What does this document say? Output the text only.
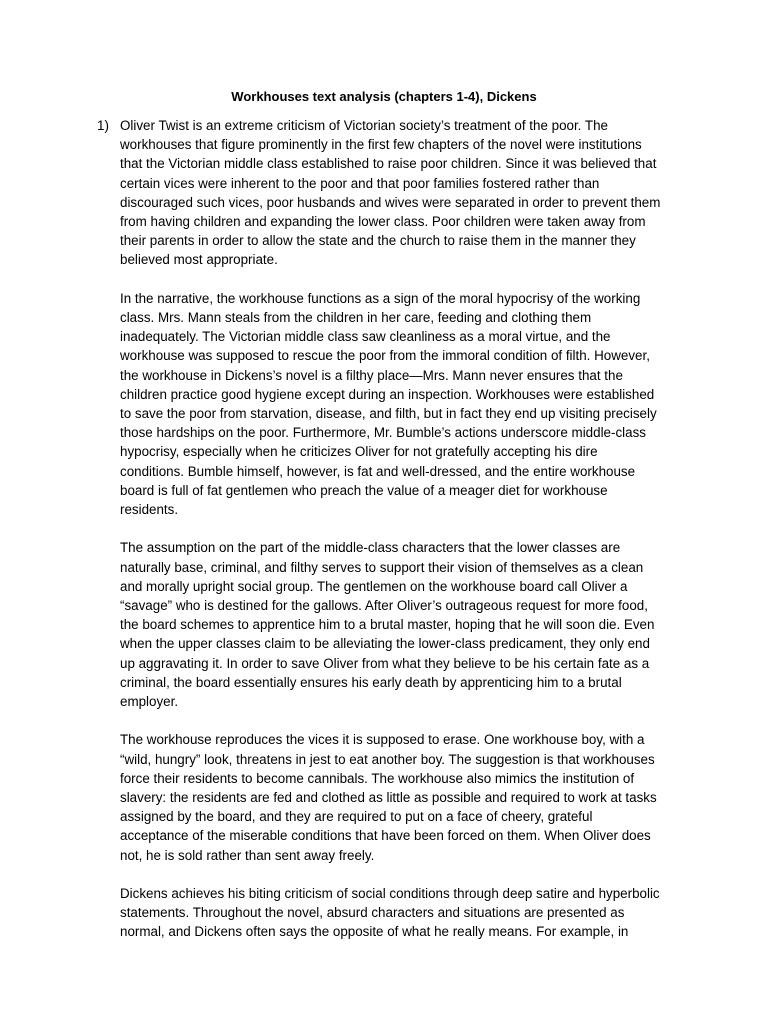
Workhouses text analysis (chapters 1-4), Dickens
1) Oliver Twist is an extreme criticism of Victorian society’s treatment of the poor. The
workhouses that figure prominently in the first few chapters of the novel were institutions
that the Victorian middle class established to raise poor children. Since it was believed that
certain vices were inherent to the poor and that poor families fostered rather than
discouraged such vices, poor husbands and wives were separated in order to prevent them
from having children and expanding the lower class. Poor children were taken away from
their parents in order to allow the state and the church to raise them in the manner they
believed most appropriate.

In the narrative, the workhouse functions as a sign of the moral hypocrisy of the working
class. Mrs. Mann steals from the children in her care, feeding and clothing them
inadequately. The Victorian middle class saw cleanliness as a moral virtue, and the
workhouse was supposed to rescue the poor from the immoral condition of filth. However,
the workhouse in Dickens’s novel is a filthy place—Mrs. Mann never ensures that the
children practice good hygiene except during an inspection. Workhouses were established
to save the poor from starvation, disease, and filth, but in fact they end up visiting precisely
those hardships on the poor. Furthermore, Mr. Bumble’s actions underscore middle-class
hypocrisy, especially when he criticizes Oliver for not gratefully accepting his dire
conditions. Bumble himself, however, is fat and well-dressed, and the entire workhouse
board is full of fat gentlemen who preach the value of a meager diet for workhouse
residents.

The assumption on the part of the middle-class characters that the lower classes are
naturally base, criminal, and filthy serves to support their vision of themselves as a clean
and morally upright social group. The gentlemen on the workhouse board call Oliver a
“savage” who is destined for the gallows. After Oliver’s outrageous request for more food,
the board schemes to apprentice him to a brutal master, hoping that he will soon die. Even
when the upper classes claim to be alleviating the lower-class predicament, they only end
up aggravating it. In order to save Oliver from what they believe to be his certain fate as a
criminal, the board essentially ensures his early death by apprenticing him to a brutal
employer.

The workhouse reproduces the vices it is supposed to erase. One workhouse boy, with a
“wild, hungry” look, threatens in jest to eat another boy. The suggestion is that workhouses
force their residents to become cannibals. The workhouse also mimics the institution of
slavery: the residents are fed and clothed as little as possible and required to work at tasks
assigned by the board, and they are required to put on a face of cheery, grateful
acceptance of the miserable conditions that have been forced on them. When Oliver does
not, he is sold rather than sent away freely.

Dickens achieves his biting criticism of social conditions through deep satire and hyperbolic
statements. Throughout the novel, absurd characters and situations are presented as
normal, and Dickens often says the opposite of what he really means. For example, in
